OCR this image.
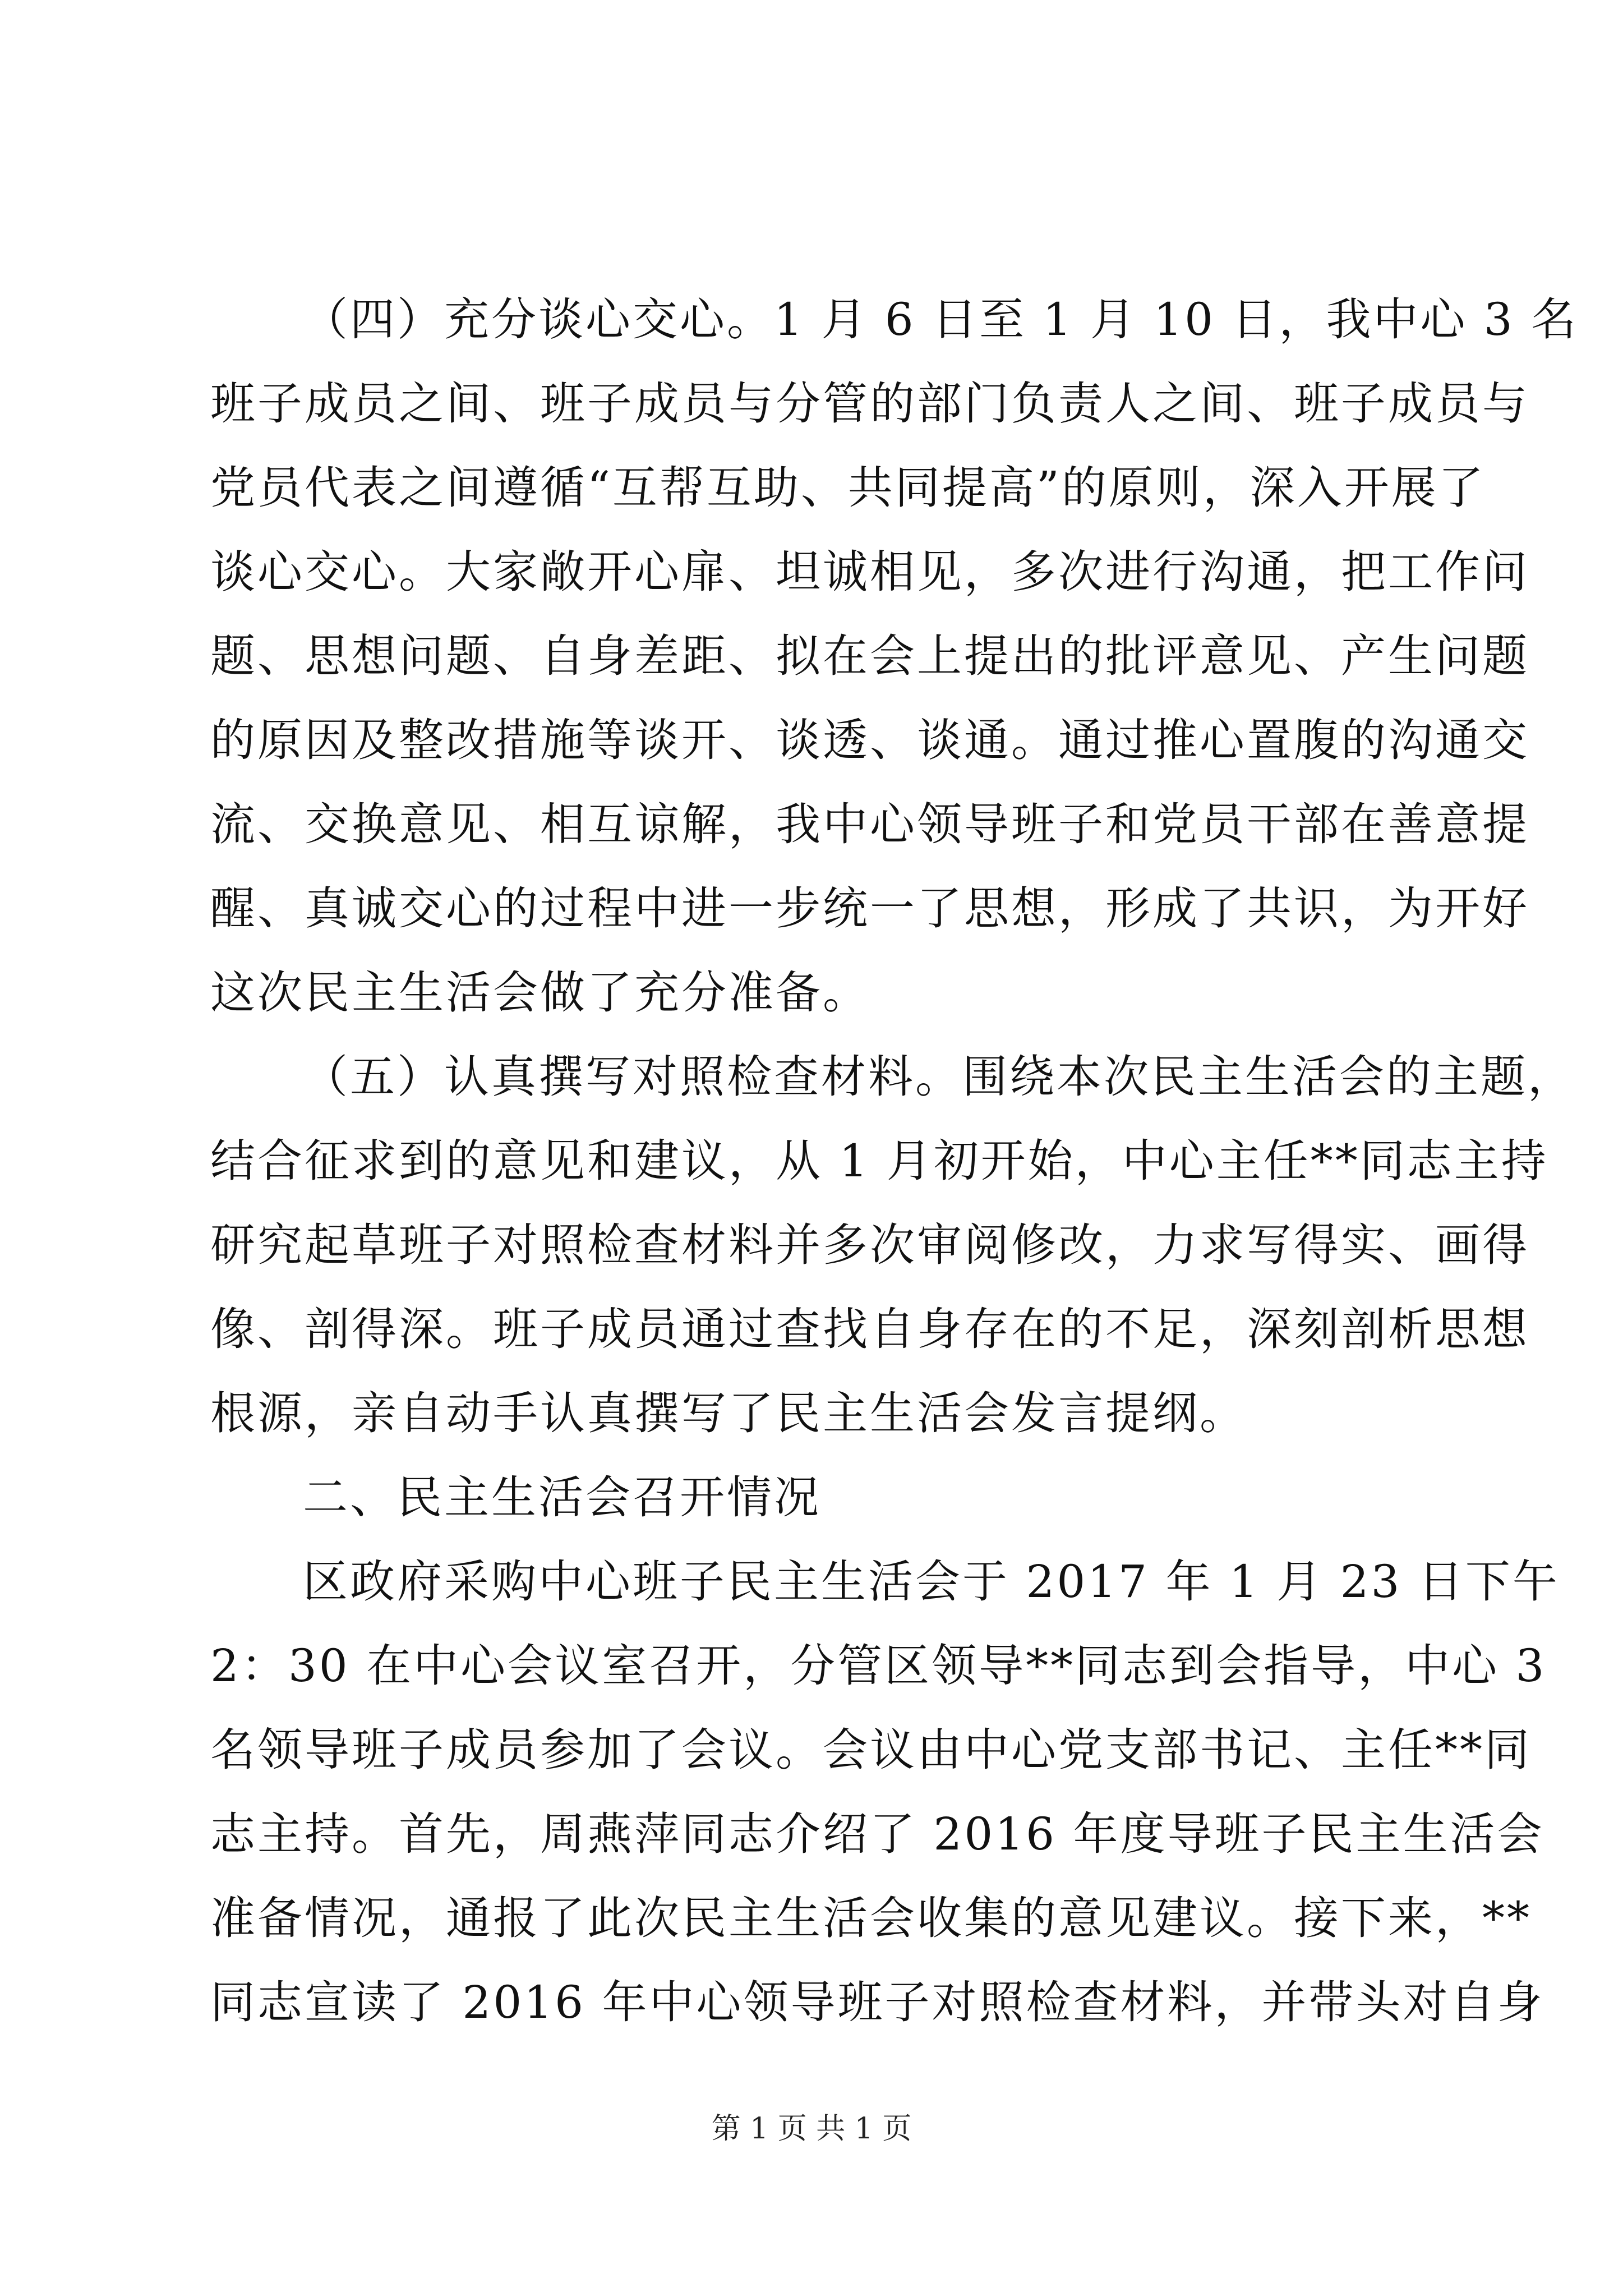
（四）充分谈心交心。1 月 6 日至 1 月 10 日，我中心 3 名
班子成员之间、班子成员与分管的部门负责人之间、班子成员与
党员代表之间遵循“互帮互助、共同提高”的原则，深入开展了
谈心交心。大家敞开心扉、坦诚相见，多次进行沟通，把工作问
题、思想问题、自身差距、拟在会上提出的批评意见、产生问题
的原因及整改措施等谈开、谈透、谈通。通过推心置腹的沟通交
流、交换意见、相互谅解，我中心领导班子和党员干部在善意提
醒、真诚交心的过程中进一步统一了思想，形成了共识，为开好
这次民主生活会做了充分准备。
（五）认真撰写对照检查材料。围绕本次民主生活会的主题，
结合征求到的意见和建议，从 1 月初开始，中心主任**同志主持
研究起草班子对照检查材料并多次审阅修改，力求写得实、画得
像、剖得深。班子成员通过查找自身存在的不足，深刻剖析思想
根源，亲自动手认真撰写了民主生活会发言提纲。
二、民主生活会召开情况
区政府采购中心班子民主生活会于 2017 年 1 月 23 日下午
2：30 在中心会议室召开，分管区领导**同志到会指导，中心 3
名领导班子成员参加了会议。会议由中心党支部书记、主任**同
志主持。首先，周燕萍同志介绍了 2016 年度导班子民主生活会
准备情况，通报了此次民主生活会收集的意见建议。接下来，**
同志宣读了 2016 年中心领导班子对照检查材料，并带头对自身
第 1 页 共 1 页
